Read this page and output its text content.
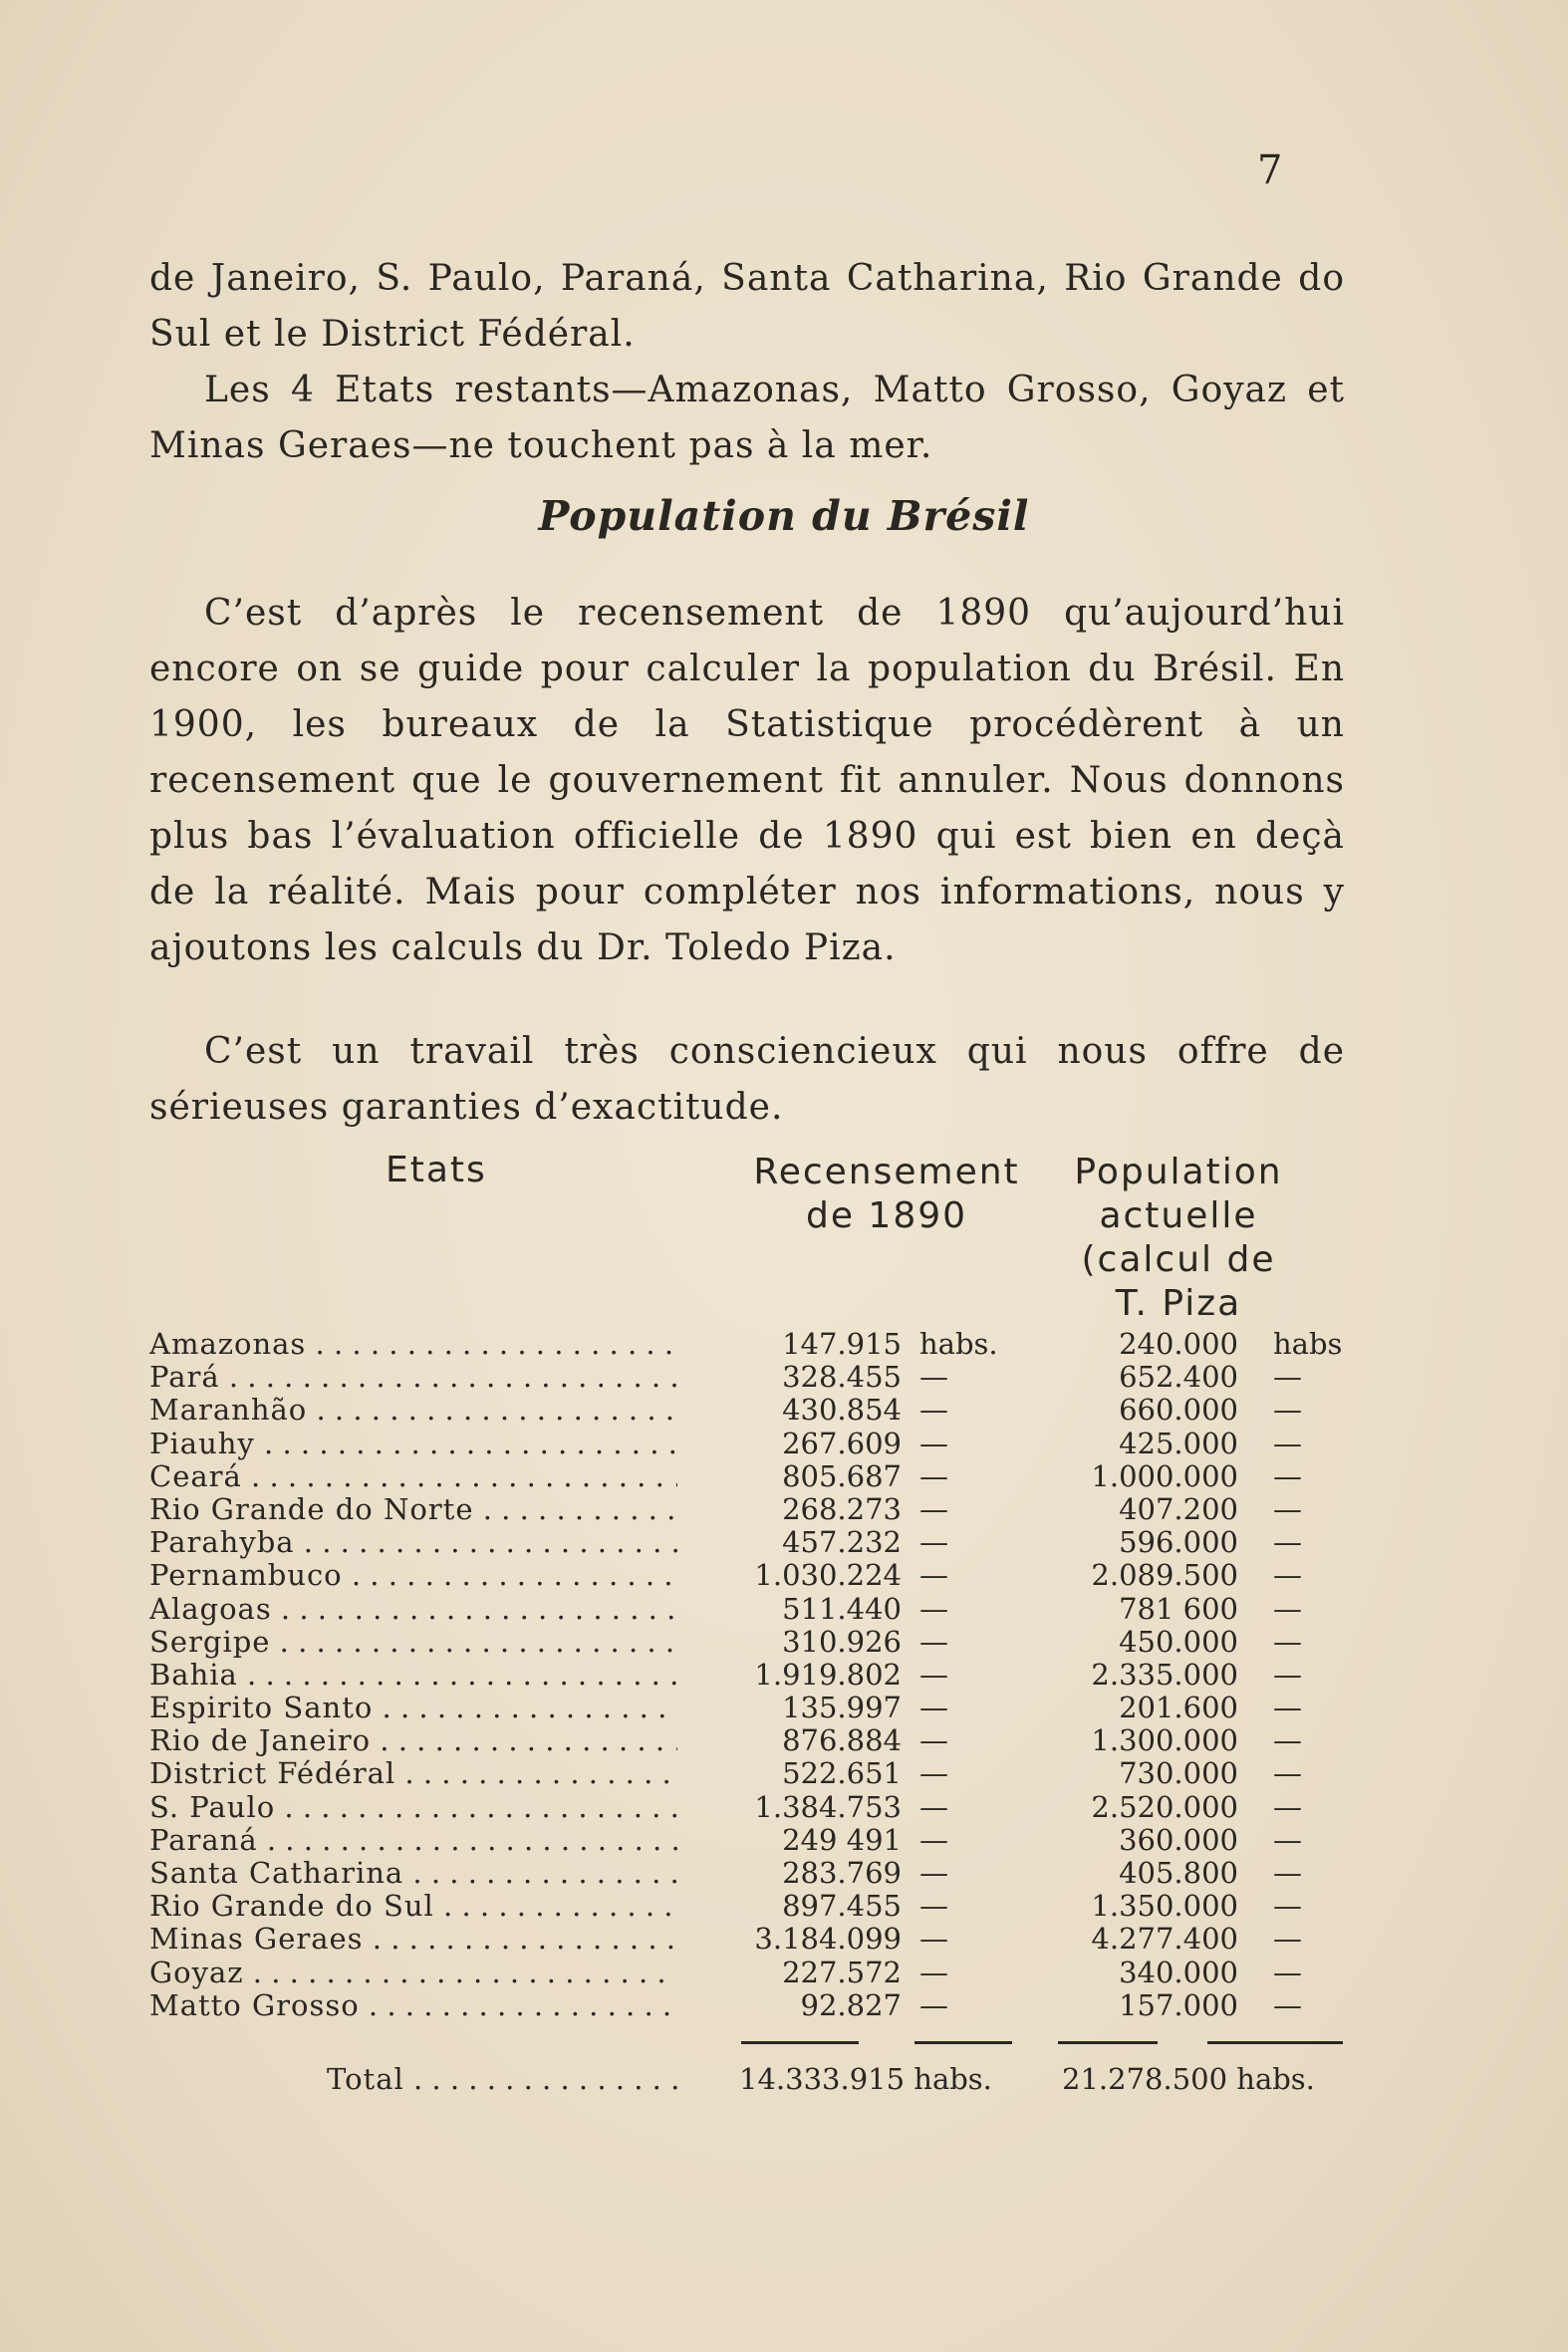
7

de Janeiro, S. Paulo, Paraná, Santa Catharina, Rio Grande do Sul et le District Fédéral.

Les 4 Etats restants—Amazonas, Matto Grosso, Goyaz et Minas Geraes—ne touchent pas à la mer.

Population du Brésil

C’est d’après le recensement de 1890 qu’aujourd’hui encore on se guide pour calculer la population du Brésil. En 1900, les bureaux de la Statistique procédèrent à un recensement que le gouvernement fit annuler. Nous donnons plus bas l’évaluation officielle de 1890 qui est bien en deçà de la réalité. Mais pour compléter nos informations, nous y ajoutons les calculs du Dr. Toledo Piza.

C’est un travail très consciencieux qui nous offre de sérieuses garanties d’exactitude.

Etats	Recensement
de 1890
Population
actuelle
(calcul de
T. Piza
Amazonas . . .	147.915 habs.	240.000 habs
Pará . . .	328.455 —	652.400 —
Maranhão . . .	430.854 —	660.000 —
Piauhy . . .	267.609 —	425.000 —
Ceará . . .	805.687 —	1.000.000 —
Rio Grande do Norte . . .	268.273 —	407.200 —
Parahyba . . .	457.232 —	596.000 —
Pernambuco . . .	1.030.224 —	2.089.500 —
Alagoas . . .	511.440 —	781 600 —
Sergipe . . .	310.926 —	450.000 —
Bahia . . .	1.919.802 —	2.335.000 —
Espirito Santo . . .	135.997 —	201.600 —
Rio de Janeiro . . .	876.884 —	1.300.000 —
District Fédéral . . .	522.651 —	730.000 —
S. Paulo . . .	1.384.753 —	2.520.000 —
Paraná . . .	249 491 —	360.000 —
Santa Catharina . . .	283.769 —	405.800 —
Rio Grande do Sul . . .	897.455 —	1.350.000 —
Minas Geraes . . .	3.184.099 —	4.277.400 —
Goyaz . . .	227.572 —	340.000 —
Matto Grosso . . .	92.827 —	157.000 —
Total . . .	14.333.915 habs.	21.278.500 habs.
